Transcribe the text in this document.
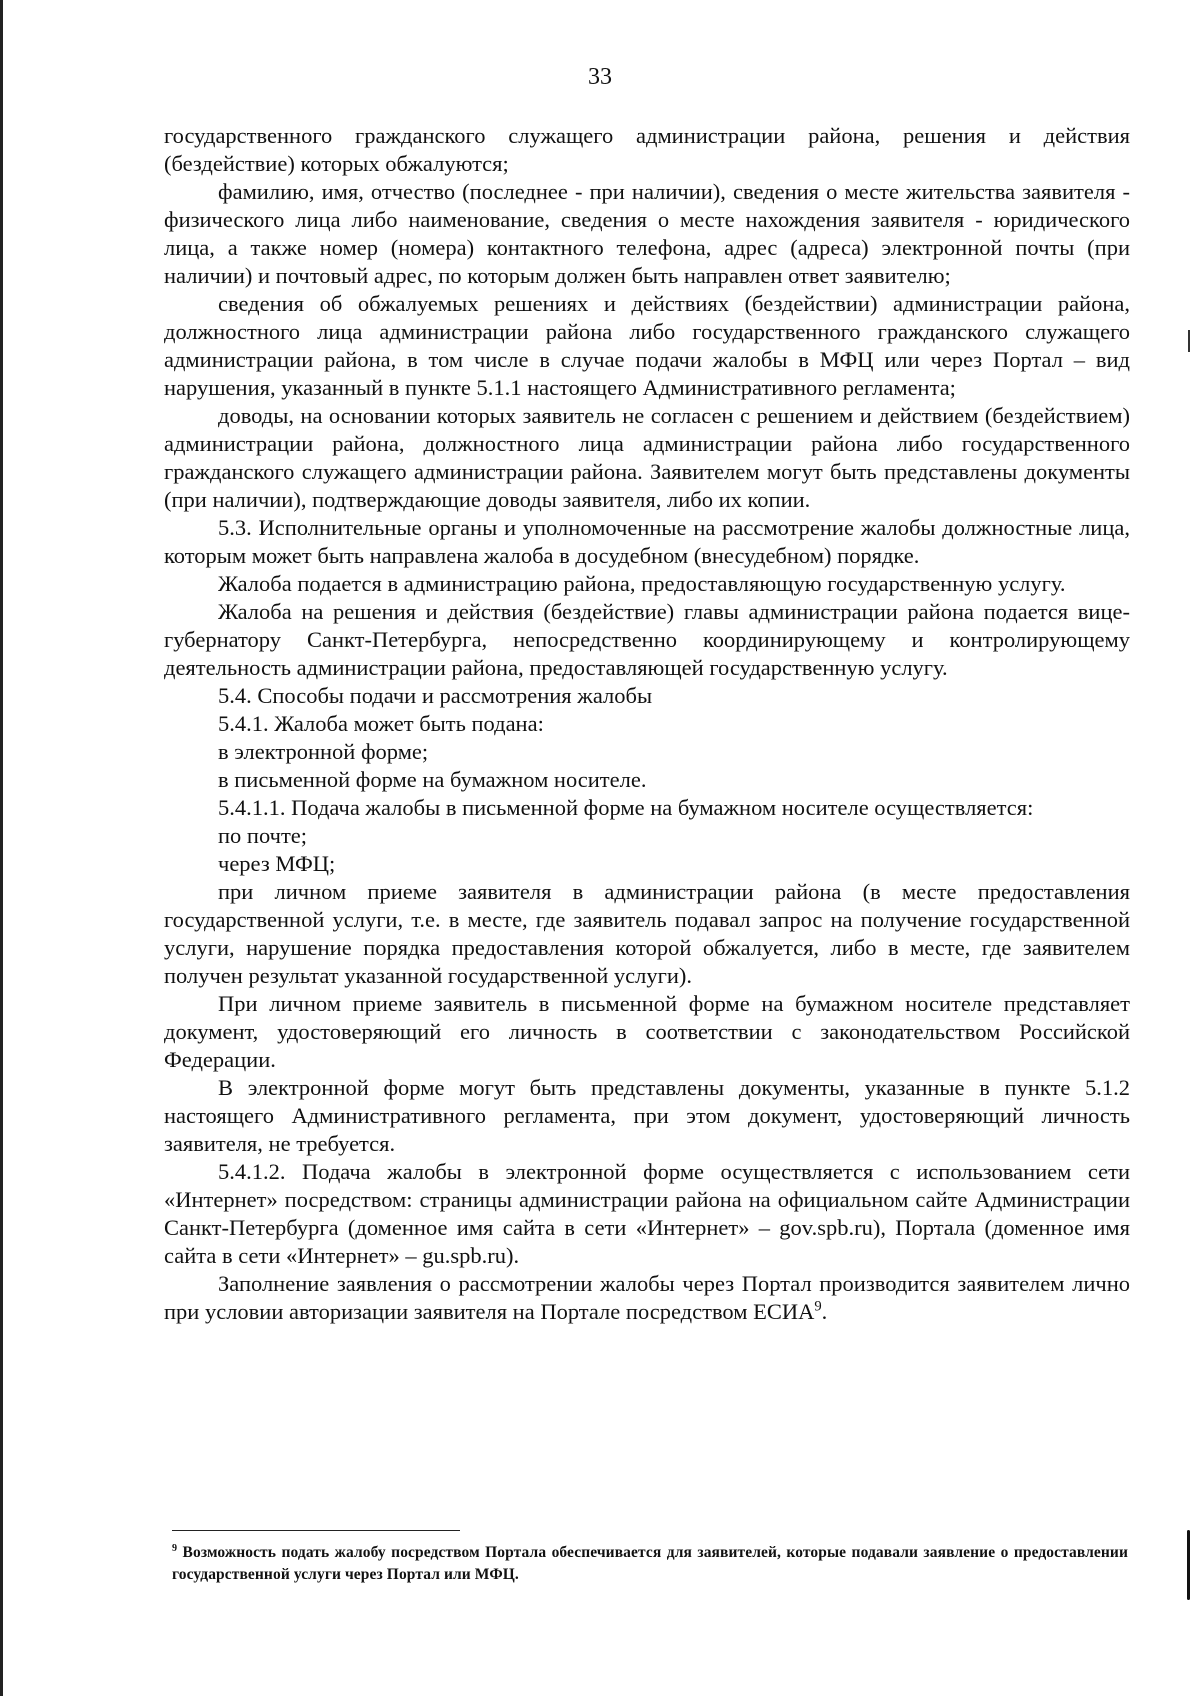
33

государственного гражданского служащего администрации района, решения и действия (бездействие) которых обжалуются;

фамилию, имя, отчество (последнее - при наличии), сведения о месте жительства заявителя - физического лица либо наименование, сведения о месте нахождения заявителя - юридического лица, а также номер (номера) контактного телефона, адрес (адреса) электронной почты (при наличии) и почтовый адрес, по которым должен быть направлен ответ заявителю;

сведения об обжалуемых решениях и действиях (бездействии) администрации района, должностного лица администрации района либо государственного гражданского служащего администрации района, в том числе в случае подачи жалобы в МФЦ или через Портал – вид нарушения, указанный в пункте 5.1.1 настоящего Административного регламента;

доводы, на основании которых заявитель не согласен с решением и действием (бездействием) администрации района, должностного лица администрации района либо государственного гражданского служащего администрации района. Заявителем могут быть представлены документы (при наличии), подтверждающие доводы заявителя, либо их копии.

5.3. Исполнительные органы и уполномоченные на рассмотрение жалобы должностные лица, которым может быть направлена жалоба в досудебном (внесудебном) порядке.

Жалоба подается в администрацию района, предоставляющую государственную услугу.

Жалоба на решения и действия (бездействие) главы администрации района подается вице-губернатору Санкт-Петербурга, непосредственно координирующему и контролирующему деятельность администрации района, предоставляющей государственную услугу.

5.4. Способы подачи и рассмотрения жалобы

5.4.1. Жалоба может быть подана:

в электронной форме;

в письменной форме на бумажном носителе.

5.4.1.1. Подача жалобы в письменной форме на бумажном носителе осуществляется:

по почте;

через МФЦ;

при личном приеме заявителя в администрации района (в месте предоставления государственной услуги, т.е. в месте, где заявитель подавал запрос на получение государственной услуги, нарушение порядка предоставления которой обжалуется, либо в месте, где заявителем получен результат указанной государственной услуги).

При личном приеме заявитель в письменной форме на бумажном носителе представляет документ, удостоверяющий его личность в соответствии с законодательством Российской Федерации.

В электронной форме могут быть представлены документы, указанные в пункте 5.1.2 настоящего Административного регламента, при этом документ, удостоверяющий личность заявителя, не требуется.

5.4.1.2. Подача жалобы в электронной форме осуществляется с использованием сети «Интернет» посредством: страницы администрации района на официальном сайте Администрации Санкт-Петербурга (доменное имя сайта в сети «Интернет» – gov.spb.ru), Портала (доменное имя сайта в сети «Интернет» – gu.spb.ru).

Заполнение заявления о рассмотрении жалобы через Портал производится заявителем лично при условии авторизации заявителя на Портале посредством ЕСИА$^9$.

$^9$ Возможность подать жалобу посредством Портала обеспечивается для заявителей, которые подавали заявление о предоставлении государственной услуги через Портал или МФЦ.
